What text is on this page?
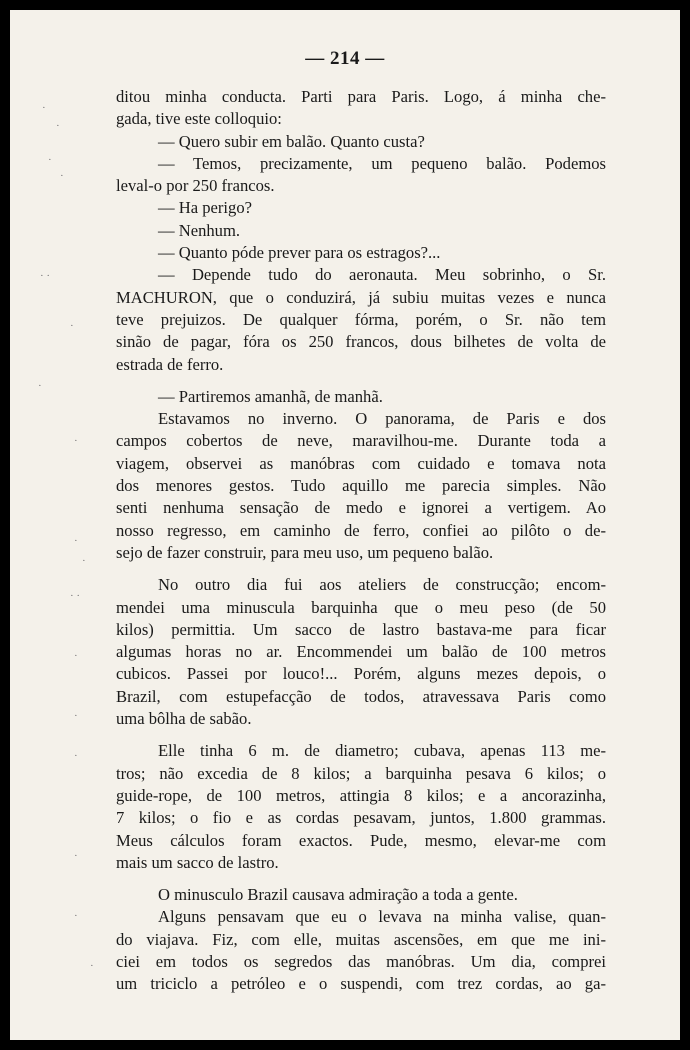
·
·
·
·
· ·
·
·
·
·
·
· ·
·
·
·
·
·
·
— 214 —
ditou minha conducta. Parti para Paris. Logo, á minha che-
gada, tive este colloquio:
— Quero subir em balão. Quanto custa?
— Temos, precizamente, um pequeno balão. Podemos
leval-o por 250 francos.
— Ha perigo?
— Nenhum.
— Quanto póde prever para os estragos?...
— Depende tudo do aeronauta. Meu sobrinho, o Sr.
MACHURON, que o conduzirá, já subiu muitas vezes e nunca
teve prejuizos. De qualquer fórma, porém, o Sr. não tem
sinão de pagar, fóra os 250 francos, dous bilhetes de volta de
estrada de ferro.
— Partiremos amanhã, de manhã.
Estavamos no inverno. O panorama, de Paris e dos
campos cobertos de neve, maravilhou-me. Durante toda a
viagem, observei as manóbras com cuidado e tomava nota
dos menores gestos. Tudo aquillo me parecia simples. Não
senti nenhuma sensação de medo e ignorei a vertigem. Ao
nosso regresso, em caminho de ferro, confiei ao pilôto o de-
sejo de fazer construir, para meu uso, um pequeno balão.
No outro dia fui aos ateliers de construcção; encom-
mendei uma minuscula barquinha que o meu peso (de 50
kilos) permittia. Um sacco de lastro bastava-me para ficar
algumas horas no ar. Encommendei um balão de 100 metros
cubicos. Passei por louco!... Porém, alguns mezes depois, o
Brazil, com estupefacção de todos, atravessava Paris como
uma bôlha de sabão.
Elle tinha 6 m. de diametro; cubava, apenas 113 me-
tros; não excedia de 8 kilos; a barquinha pesava 6 kilos; o
guide-rope, de 100 metros, attingia 8 kilos; e a ancorazinha,
7 kilos; o fio e as cordas pesavam, juntos, 1.800 grammas.
Meus cálculos foram exactos. Pude, mesmo, elevar-me com
mais um sacco de lastro.
O minusculo Brazil causava admiração a toda a gente.
Alguns pensavam que eu o levava na minha valise, quan-
do viajava. Fiz, com elle, muitas ascensões, em que me ini-
ciei em todos os segredos das manóbras. Um dia, comprei
um triciclo a petróleo e o suspendi, com trez cordas, ao ga-
